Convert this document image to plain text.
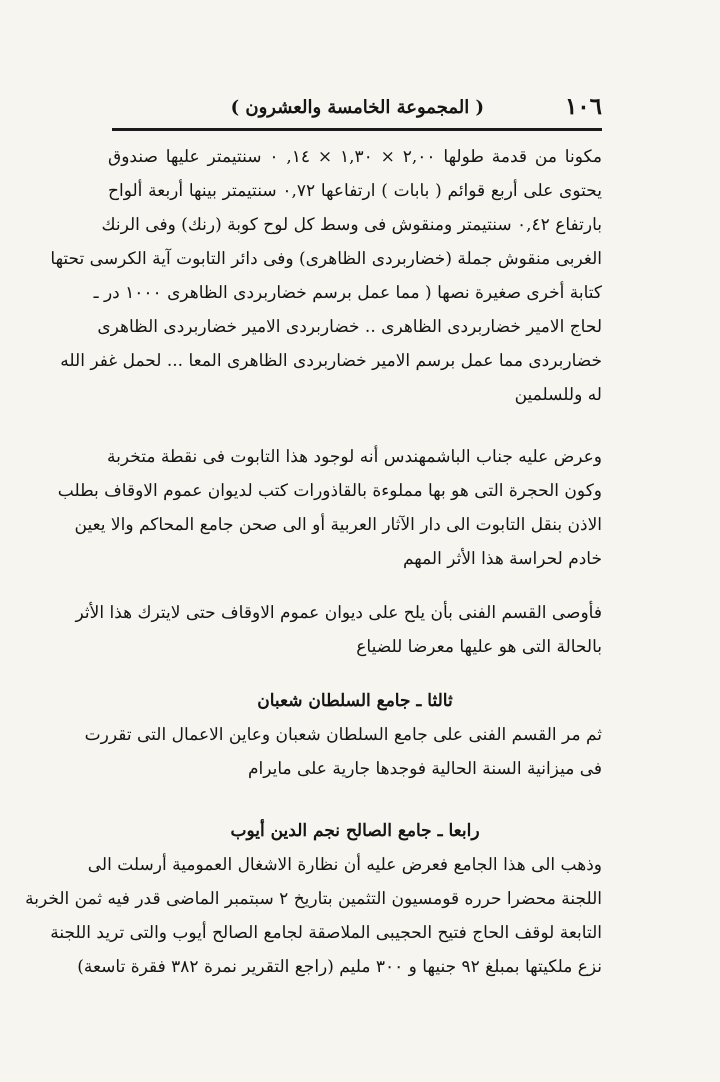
١٠٦
( المجموعة الخامسة والعشرون )
مكونا من قدمة طولها ٢,٠٠ × ١,٣٠ × ١٤, ٠ سنتيمتر عليها صندوق
يحتوى على أربع قوائم ( بابات ) ارتفاعها ٠,٧٢ سنتيمتر بينها أربعة ألواح
بارتفاع ٠,٤٢ سنتيمتر ومنقوش فى وسط كل لوح كوبة (رنك) وفى الرنك
الغربى منقوش جملة (خضاربردى الظاهرى) وفى دائر التابوت آية الكرسى تحتها
كتابة أخرى صغيرة نصها ( مما عمل برسم خضاربردى الظاهرى ١٠٠٠ در ـ
لحاج الامير خضاربردى الظاهرى .. خضاربردى الامير خضاربردى الظاهرى
خضاربردى مما عمل برسم الامير خضاربردى الظاهرى المعا ... لحمل غفر الله
له وللسلمين
وعرض عليه جناب الباشمهندس أنه لوجود هذا التابوت فى نقطة متخربة
وكون الحجرة التى هو بها مملوءة بالقاذورات كتب لديوان عموم الاوقاف بطلب
الاذن بنقل التابوت الى دار الآثار العربية أو الى صحن جامع المحاكم والا يعين
خادم لحراسة هذا الأثر المهم
فأوصى القسم الفنى بأن يلح على ديوان عموم الاوقاف حتى لايترك هذا الأثر
بالحالة التى هو عليها معرضا للضياع
ثالثا ـ جامع السلطان شعبان
ثم مر القسم الفنى على جامع السلطان شعبان وعاين الاعمال التى تقررت
فى ميزانية السنة الحالية فوجدها جارية على مايرام
رابعا ـ جامع الصالح نجم الدين أيوب
وذهب الى هذا الجامع فعرض عليه أن نظارة الاشغال العمومية أرسلت الى
اللجنة محضرا حرره قومسيون التثمين بتاريخ ٢ سبتمبر الماضى قدر فيه ثمن الخربة
التابعة لوقف الحاج فتيح الحجيبى الملاصقة لجامع الصالح أيوب والتى تريد اللجنة
نزع ملكيتها بمبلغ ٩٢ جنيها و ٣٠٠ مليم (راجع التقرير نمرة ٣٨٢ فقرة تاسعة)
